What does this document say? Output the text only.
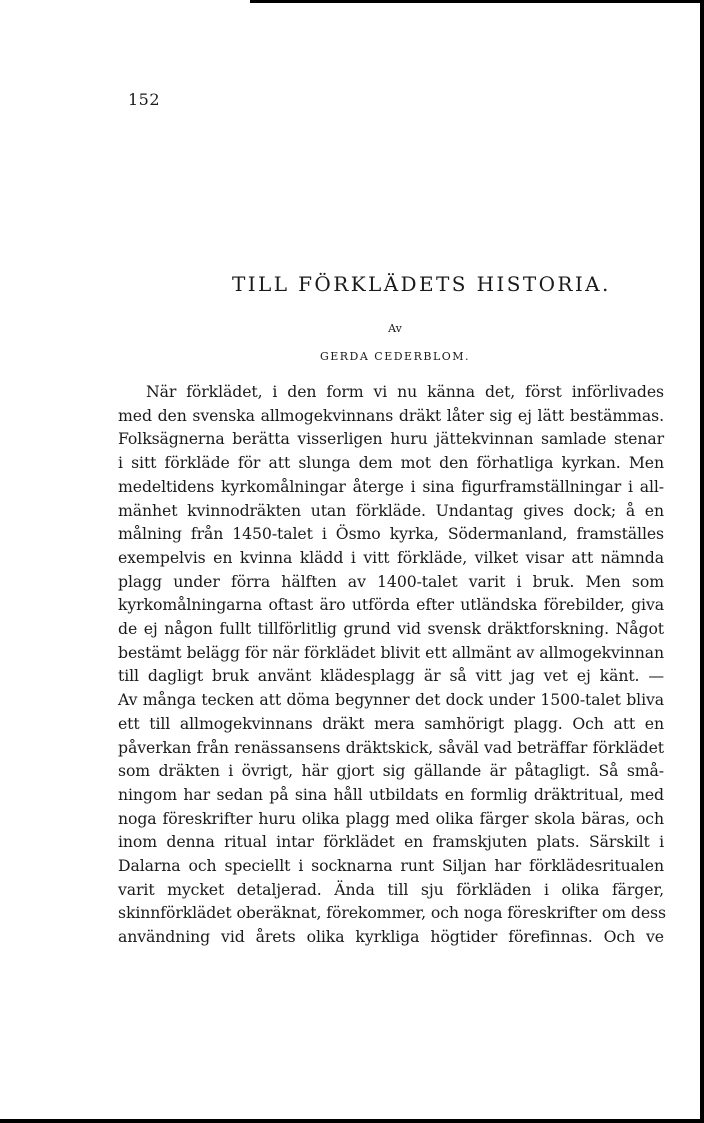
152
TILL FÖRKLÄDETS HISTORIA.
Av
GERDA CEDERBLOM.
När förklädet, i den form vi nu känna det, först införlivades
med den svenska allmogekvinnans dräkt låter sig ej lätt bestämmas.
Folksägnerna berätta visserligen huru jättekvinnan samlade stenar
i sitt förkläde för att slunga dem mot den förhatliga kyrkan. Men
medeltidens kyrkomålningar återge i sina figurframställningar i all-
mänhet kvinnodräkten utan förkläde. Undantag gives dock; å en
målning från 1450-talet i Ösmo kyrka, Södermanland, framställes
exempelvis en kvinna klädd i vitt förkläde, vilket visar att nämnda
plagg under förra hälften av 1400-talet varit i bruk. Men som
kyrkomålningarna oftast äro utförda efter utländska förebilder, giva
de ej någon fullt tillförlitlig grund vid svensk dräktforskning. Något
bestämt belägg för när förklädet blivit ett allmänt av allmogekvinnan
till dagligt bruk använt klädesplagg är så vitt jag vet ej känt. —
Av många tecken att döma begynner det dock under 1500-talet bliva
ett till allmogekvinnans dräkt mera samhörigt plagg. Och att en
påverkan från renässansens dräktskick, såväl vad beträffar förklädet
som dräkten i övrigt, här gjort sig gällande är påtagligt. Så små-
ningom har sedan på sina håll utbildats en formlig dräktritual, med
noga föreskrifter huru olika plagg med olika färger skola bäras, och
inom denna ritual intar förklädet en framskjuten plats. Särskilt i
Dalarna och speciellt i socknarna runt Siljan har förklädesritualen
varit mycket detaljerad. Ända till sju förkläden i olika färger,
skinnförklädet oberäknat, förekommer, och noga föreskrifter om dess
användning vid årets olika kyrkliga högtider förefinnas. Och ve
